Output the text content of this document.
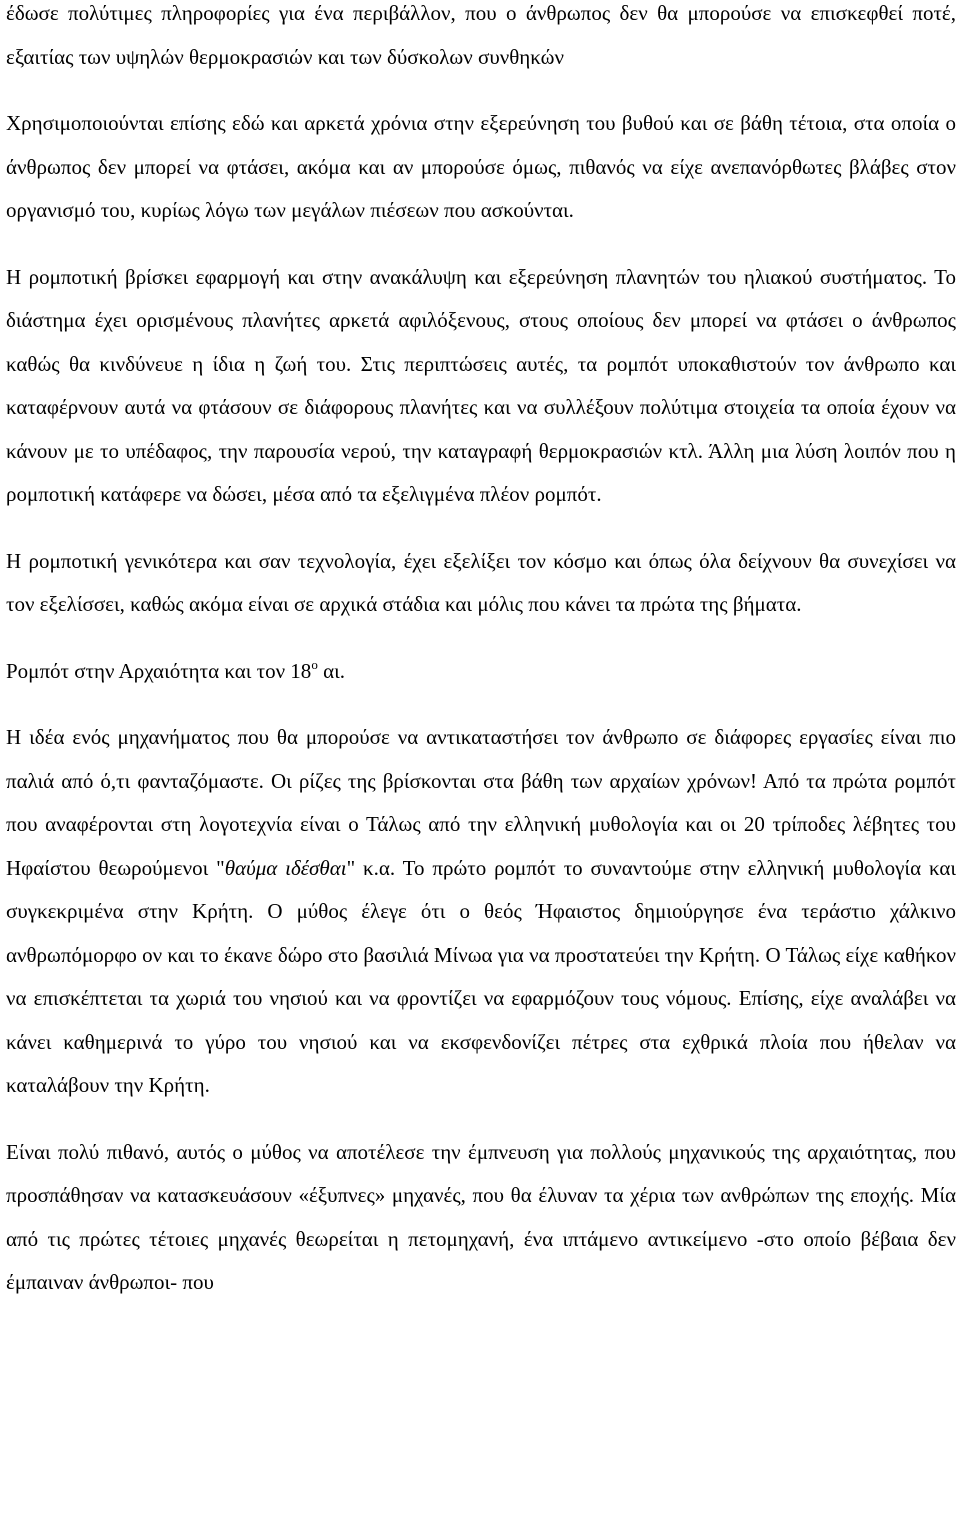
έδωσε πολύτιμες πληροφορίες για ένα περιβάλλον, που ο άνθρωπος δεν θα μπορούσε να επισκεφθεί ποτέ, εξαιτίας των υψηλών θερμοκρασιών και των δύσκολων συνθηκών

Χρησιμοποιούνται επίσης εδώ και αρκετά χρόνια στην εξερεύνηση του βυθού και σε βάθη τέτοια, στα οποία ο άνθρωπος δεν μπορεί να φτάσει, ακόμα και αν μπορούσε όμως, πιθανός να είχε ανεπανόρθωτες βλάβες στον οργανισμό του, κυρίως λόγω των μεγάλων πιέσεων που ασκούνται.

Η ρομποτική βρίσκει εφαρμογή και στην ανακάλυψη και εξερεύνηση πλανητών του ηλιακού συστήματος. Το διάστημα έχει ορισμένους πλανήτες αρκετά αφιλόξενους, στους οποίους δεν μπορεί να φτάσει ο άνθρωπος καθώς θα κινδύνευε η ίδια η ζωή του. Στις περιπτώσεις αυτές, τα ρομπότ υποκαθιστούν τον άνθρωπο και καταφέρνουν αυτά να φτάσουν σε διάφορους πλανήτες και να συλλέξουν πολύτιμα στοιχεία τα οποία έχουν να κάνουν με το υπέδαφος, την παρουσία νερού, την καταγραφή θερμοκρασιών κτλ. Άλλη μια λύση λοιπόν που η ρομποτική κατάφερε να δώσει, μέσα από τα εξελιγμένα πλέον ρομπότ.

Η ρομποτική γενικότερα και σαν τεχνολογία, έχει εξελίξει τον κόσμο και όπως όλα δείχνουν θα συνεχίσει να τον εξελίσσει, καθώς ακόμα είναι σε αρχικά στάδια και μόλις που κάνει τα πρώτα της βήματα.

Ρομπότ στην Αρχαιότητα και τον $18^o$ αι.

Η ιδέα ενός μηχανήματος που θα μπορούσε να αντικαταστήσει τον άνθρωπο σε διάφορες εργασίες είναι πιο παλιά από ό,τι φανταζόμαστε. Οι ρίζες της βρίσκονται στα βάθη των αρχαίων χρόνων! Από τα πρώτα ρομπότ που αναφέρονται στη λογοτεχνία είναι ο Τάλως από την ελληνική μυθολογία και οι 20 τρίποδες λέβητες του Ηφαίστου θεωρούμενοι "θαύμα ιδέσθαι" κ.α. Το πρώτο ρομπότ το συναντούμε στην ελληνική μυθολογία και συγκεκριμένα στην Κρήτη. Ο μύθος έλεγε ότι ο θεός Ήφαιστος δημιούργησε ένα τεράστιο χάλκινο ανθρωπόμορφο ον και το έκανε δώρο στο βασιλιά Μίνωα για να προστατεύει την Κρήτη. Ο Τάλως είχε καθήκον να επισκέπτεται τα χωριά του νησιού και να φροντίζει να εφαρμόζουν τους νόμους. Επίσης, είχε αναλάβει να κάνει καθημερινά το γύρο του νησιού και να εκσφενδονίζει πέτρες στα εχθρικά πλοία που ήθελαν να καταλάβουν την Κρήτη.

Είναι πολύ πιθανό, αυτός ο μύθος να αποτέλεσε την έμπνευση για πολλούς μηχανικούς της αρχαιότητας, που προσπάθησαν να κατασκευάσουν «έξυπνες» μηχανές, που θα έλυναν τα χέρια των ανθρώπων της εποχής. Μία από τις πρώτες τέτοιες μηχανές θεωρείται η πετομηχανή, ένα ιπτάμενο αντικείμενο -στο οποίο βέβαια δεν έμπαιναν άνθρωποι- που
